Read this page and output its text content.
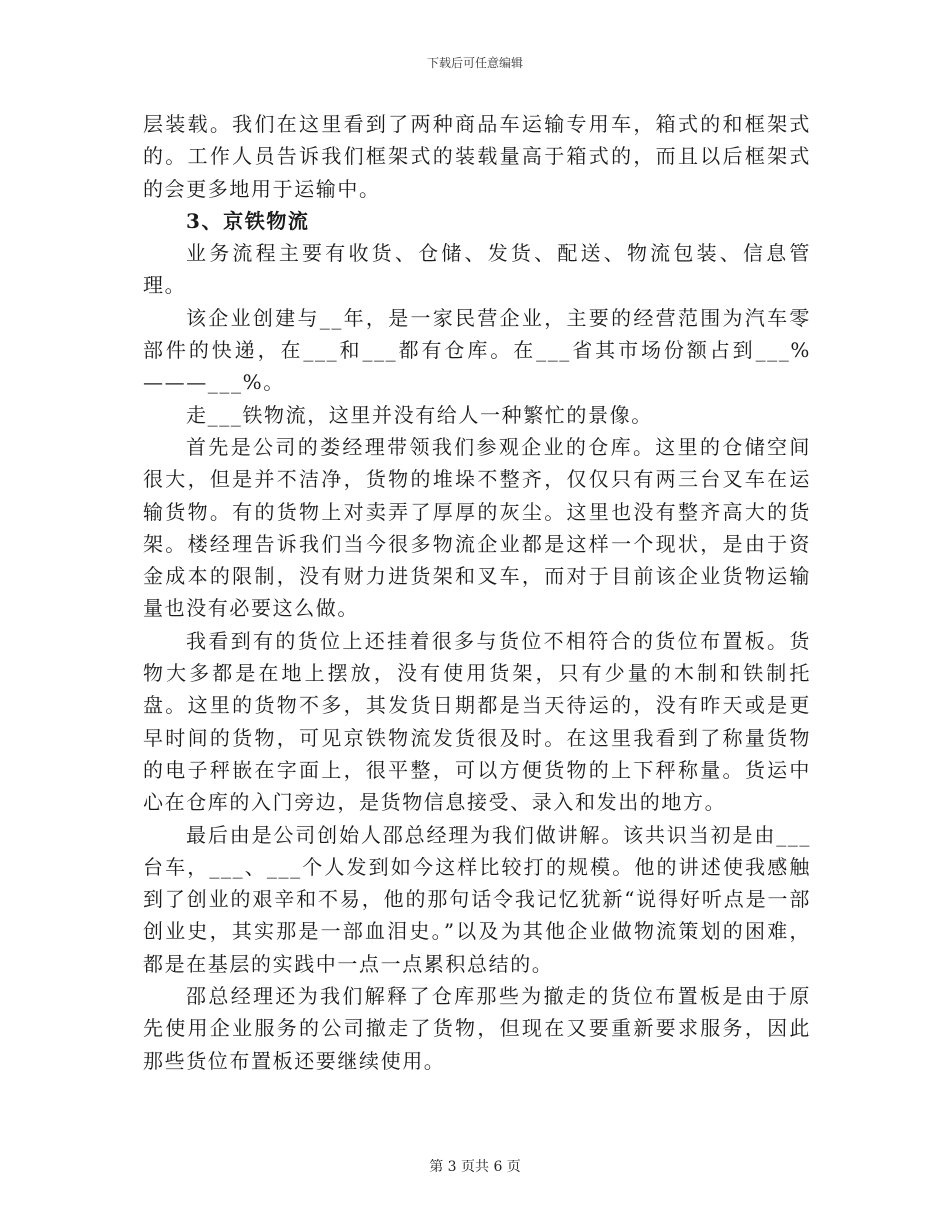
下载后可任意编辑

层装载。我们在这里看到了两种商品车运输专用车，箱式的和框架式的。工作人员告诉我们框架式的装载量高于箱式的，而且以后框架式的会更多地用于运输中。

3、京铁物流

业务流程主要有收货、仓储、发货、配送、物流包装、信息管理。

该企业创建与__年，是一家民营企业，主要的经营范围为汽车零部件的快递，在___和___都有仓库。在___省其市场份额占到___%———___%。

走___铁物流，这里并没有给人一种繁忙的景像。

首先是公司的娄经理带领我们参观企业的仓库。这里的仓储空间很大，但是并不洁净，货物的堆垛不整齐，仅仅只有两三台叉车在运输货物。有的货物上对卖弄了厚厚的灰尘。这里也没有整齐高大的货架。楼经理告诉我们当今很多物流企业都是这样一个现状，是由于资金成本的限制，没有财力进货架和叉车，而对于目前该企业货物运输量也没有必要这么做。

我看到有的货位上还挂着很多与货位不相符合的货位布置板。货物大多都是在地上摆放，没有使用货架，只有少量的木制和铁制托盘。这里的货物不多，其发货日期都是当天待运的，没有昨天或是更早时间的货物，可见京铁物流发货很及时。在这里我看到了称量货物的电子秤嵌在字面上，很平整，可以方便货物的上下秤称量。货运中心在仓库的入门旁边，是货物信息接受、录入和发出的地方。

最后由是公司创始人邵总经理为我们做讲解。该共识当初是由___台车，___、___个人发到如今这样比较打的规模。他的讲述使我感触到了创业的艰辛和不易，他的那句话令我记忆犹新“说得好听点是一部创业史，其实那是一部血泪史。”以及为其他企业做物流策划的困难，都是在基层的实践中一点一点累积总结的。

邵总经理还为我们解释了仓库那些为撤走的货位布置板是由于原先使用企业服务的公司撤走了货物，但现在又要重新要求服务，因此那些货位布置板还要继续使用。

第 3 页共 6 页
